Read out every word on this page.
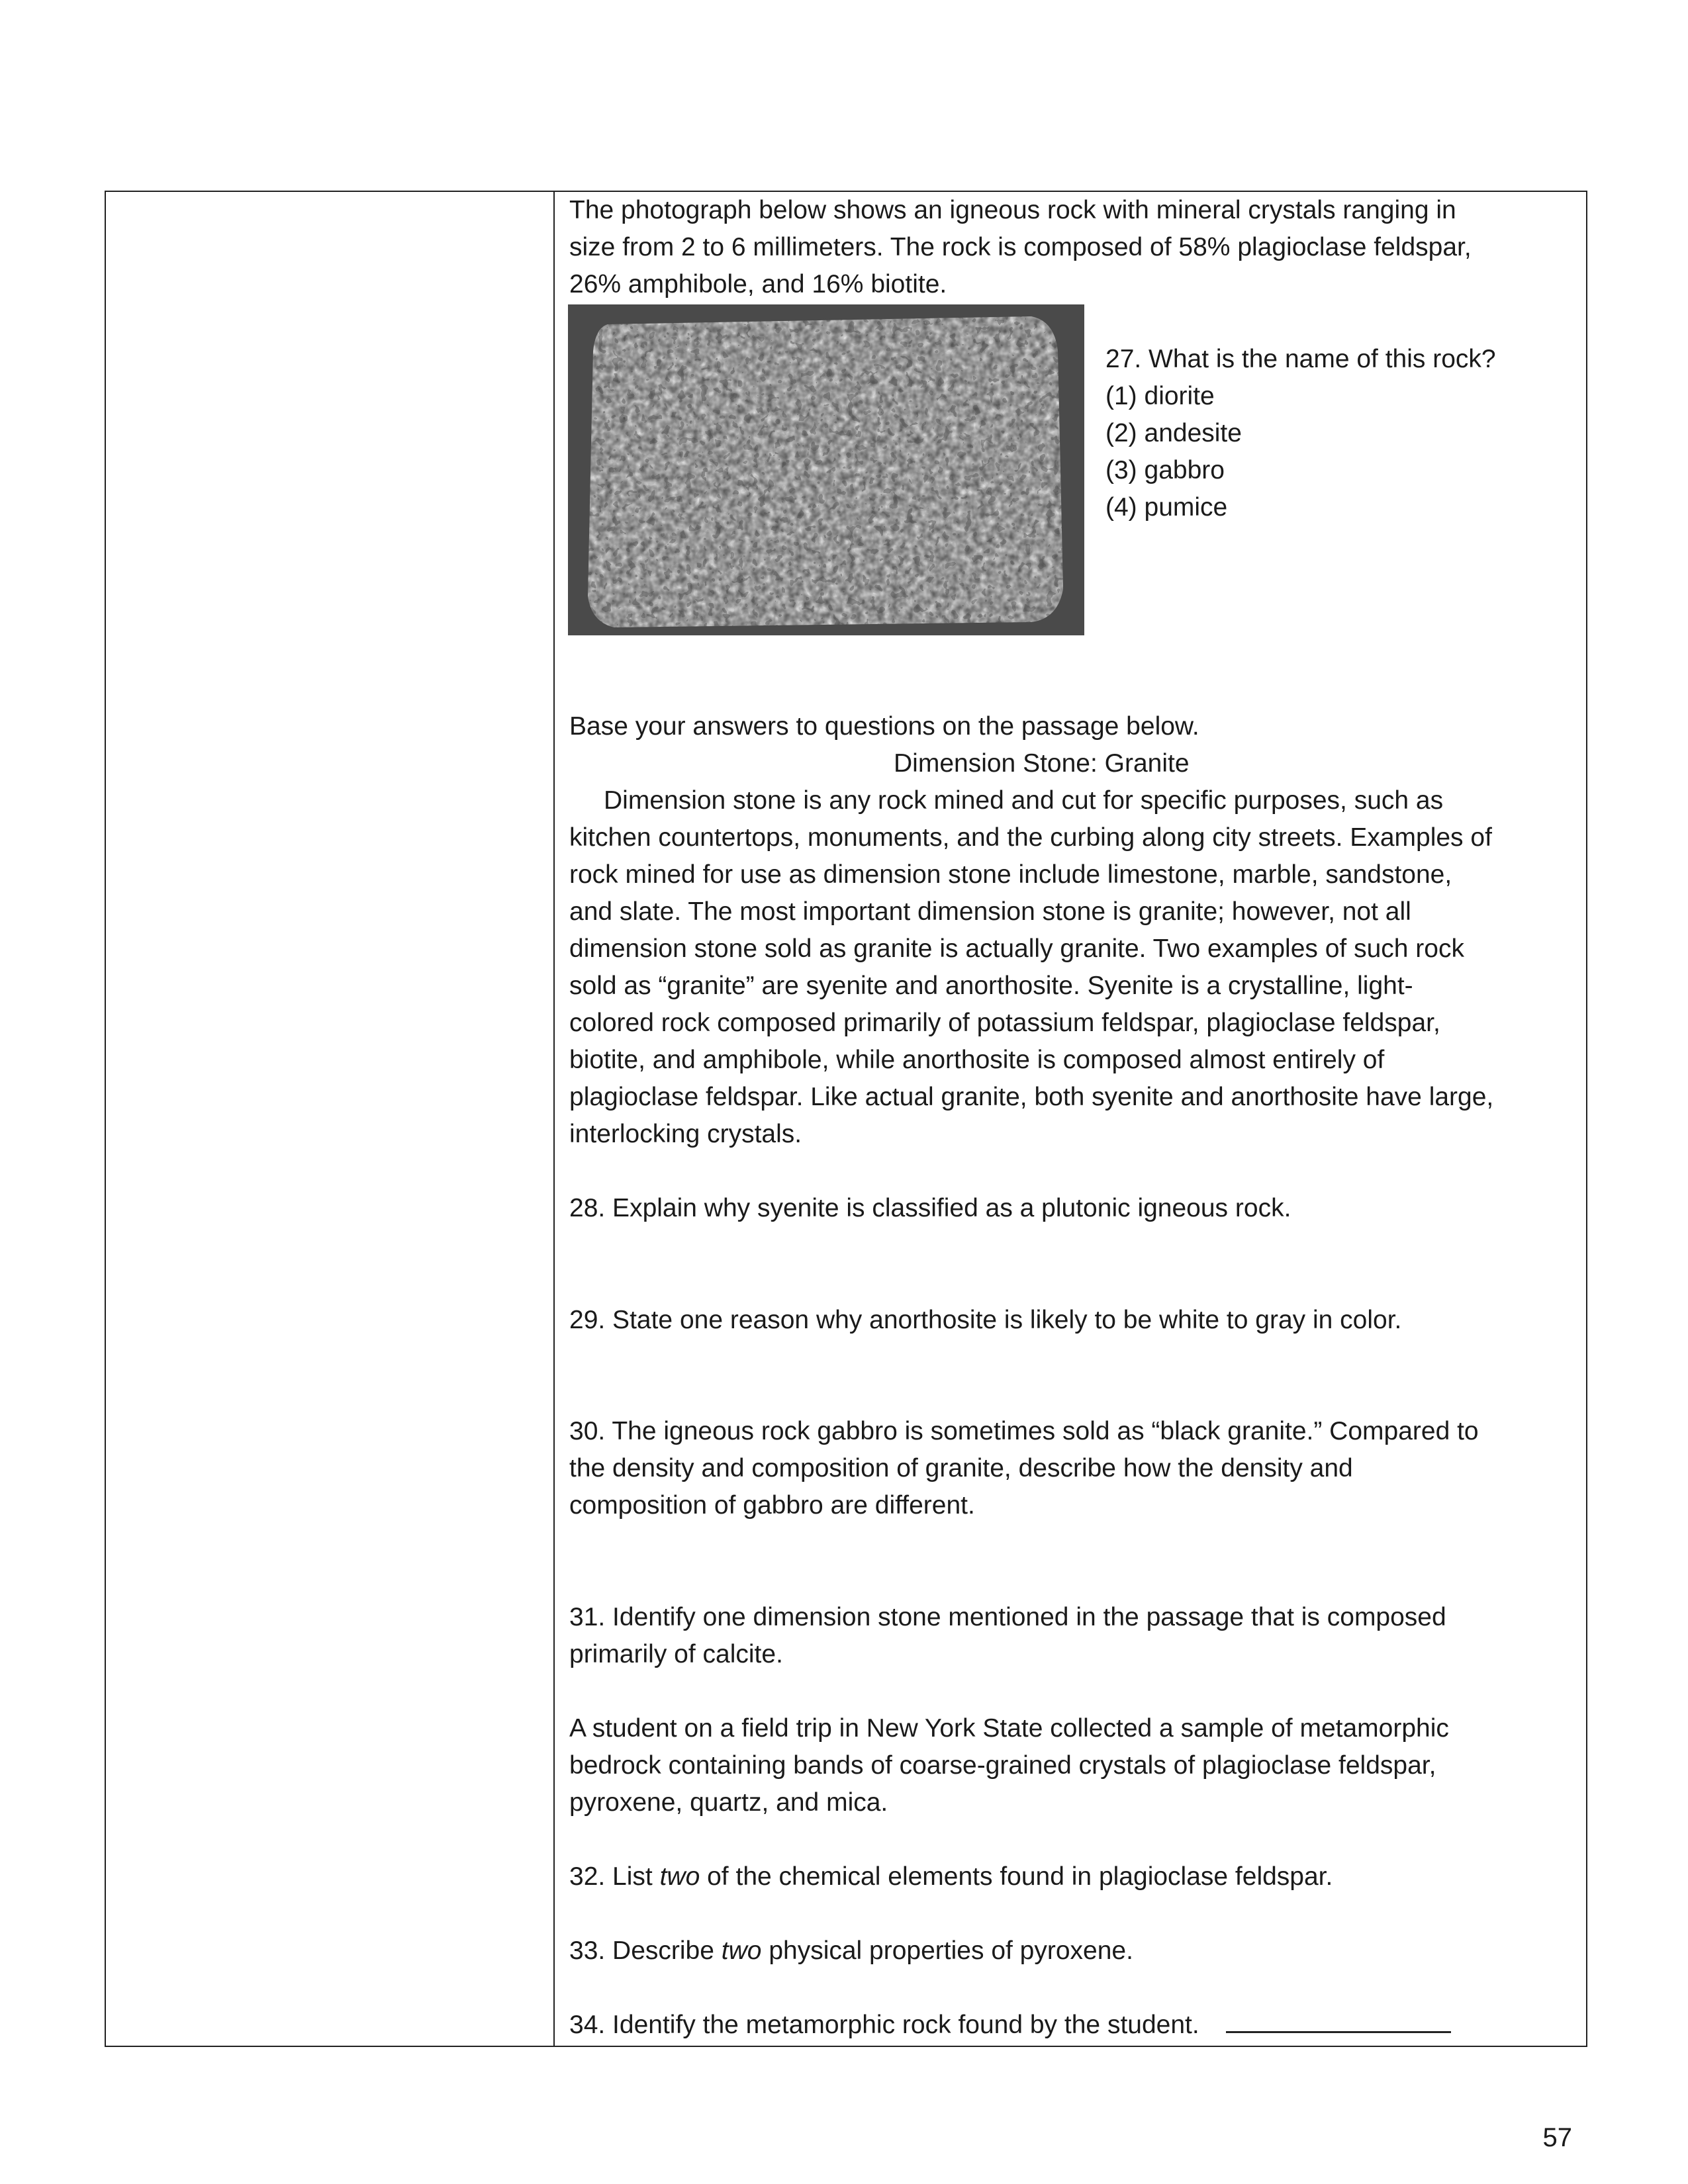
The photograph below shows an igneous rock with mineral crystals ranging in

size from 2 to 6 millimeters. The rock is composed of 58% plagioclase feldspar,

26% amphibole, and 16% biotite.

27. What is the name of this rock?

(1) diorite

(2) andesite

(3) gabbro

(4) pumice

Base your answers to questions on the passage below.

Dimension Stone: Granite

Dimension stone is any rock mined and cut for specific purposes, such as

kitchen countertops, monuments, and the curbing along city streets. Examples of

rock mined for use as dimension stone include limestone, marble, sandstone,

and slate. The most important dimension stone is granite; however, not all

dimension stone sold as granite is actually granite. Two examples of such rock

sold as “granite” are syenite and anorthosite. Syenite is a crystalline, light-

colored rock composed primarily of potassium feldspar, plagioclase feldspar,

biotite, and amphibole, while anorthosite is composed almost entirely of

plagioclase feldspar. Like actual granite, both syenite and anorthosite have large,

interlocking crystals.

28. Explain why syenite is classified as a plutonic igneous rock.

29. State one reason why anorthosite is likely to be white to gray in color.

30. The igneous rock gabbro is sometimes sold as “black granite.” Compared to

the density and composition of granite, describe how the density and

composition of gabbro are different.

31. Identify one dimension stone mentioned in the passage that is composed

primarily of calcite.

A student on a field trip in New York State collected a sample of metamorphic

bedrock containing bands of coarse-grained crystals of plagioclase feldspar,

pyroxene, quartz, and mica.

32. List two of the chemical elements found in plagioclase feldspar.

33. Describe two physical properties of pyroxene.

34. Identify the metamorphic rock found by the student.

57
